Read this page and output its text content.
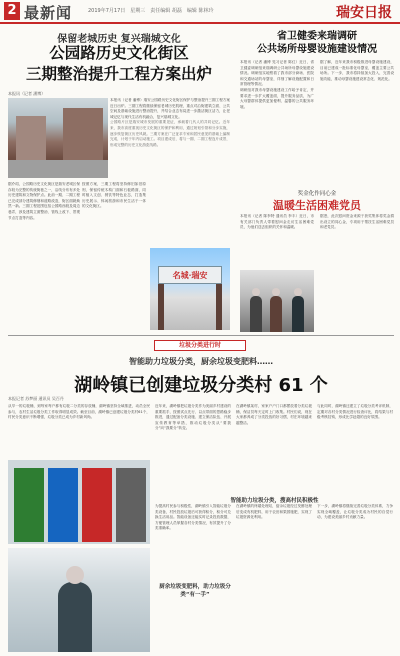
2 最新闻	2019年7月17日 星期三 责任编辑 胡磊 编辑 陈林玲	瑞安日报
保留老城历史 复兴瑞城文化
公园路历史文化街区
三期整治提升工程方案出炉
本报讯（记者 潘博）

本报讯（记者 潘博）瑞安公园路历史文化街区保护与整治提升三期工程方案近日出炉。三期工程将继续保留老城历史肌理，重点对沿街建筑立面、公共空间及基础设施进行整治提升，并结合业态布局进一步激活街区活力，让老城记忆与现代生活有机融合，复兴瑞城文化。

公园路片区是瑞安城市发展的重要见证，承载着几代人的共同记忆。近年来，我市高度重视历史文化街区的保护和利用，通过规划引领和分步实施，逐步恢复街区历史风貌。三期方案在广泛征求专家和居民意见的基础上编制完成，计划于年内启动施工。项目建成后，将与一期、二期工程连片成景，形成完整的历史文化游览线路。

据介绍，公园路历史文化街区是瑞安老城区保存较为完整的传统街巷之一，沿线分布有多处历史建筑和文物保护点。此前一期、二期工程已完成部分建筑修缮和道路改造，街区面貌焕然一新。三期工程范围包括公园路西段及周边巷弄，涉及建筑立面整治、管线上改下、景观节点打造等内容。

按照方案，三期工程将坚持修旧如旧原则，保留传统木构门面和石板路面，同时植入文创、餐饮等特色业态，打造集历史展示、休闲旅游和市民生活于一体的文化街区。

名城·瑞安
省卫健委来瑞调研
公共场所母婴设施建设情况

本报讯（记者 潘博 见习记者 陈红）近日，省卫健委调研组来瑞调研公共场所母婴设施建设情况。调研组实地察看了我市部分商场、医院和交通场站的母婴室，详细了解设施配置和日常管理等情况。

调研组对我市母婴设施建设工作给予肯定，并要求进一步扩大覆盖面，提升服务品质，为广大母婴群体提供更加便利、温馨的公共服务环境。

据了解，近年来我市积极推进母婴设施建设，目前已建成一批标准化母婴室，覆盖主要公共场所。下一步，我市将持续加大投入，完善设施功能，推动母婴设施建设常态化、规范化。

奖金化作同心金
温暖生活困难党员

本报讯（记者 陈李特 通讯员 李丰）近日，市有关部门负责人带着慰问金走访生活困难党员，为他们送去组织的关怀和温暖。

据悉，此次慰问资金来源于获奖集体将奖金捐出设立的同心金，专项用于帮扶生活困难党员和老党员。

垃圾分类进行时
智能助力垃圾分类，厨余垃圾变肥料……
湖岭镇已创建垃圾分类村 61 个
本报记者 苏梦丽 通讯员 吴百丹

从早一的垃圾桶，到每家每户都有垃圾二分类的存放桶，湖岭镇坚持全域推进，动员全民参与，农村生活垃圾分类工作取得明显成效。截至目前，湖岭镇已创建垃圾分类村61个，村民分类意识不断增强，垃圾分类已成为乡村新风尚。

近年来，湖岭镇把垃圾分类作为美丽乡村建设的重要抓手，按照试点先行、以点带面的思路稳步推进，通过配备分类设施、建立保洁队伍、开展宣传教育等举措，推动垃圾分类从“要我分”向“我要分”转变。

在湖岭镇某村，家家户户门口都摆放着分类垃圾桶，保洁员每天定时上门收集。村民们说，现在大家都养成了分类投放的好习惯，村庄环境越来越整洁。

与此同时，湖岭镇还建立了垃圾分类考评机制，定期对各村分类情况进行检查评比，将结果与村级考核挂钩，形成比学赶超的良好氛围。

智能助力垃圾分类，搜高村民积极性

为提高村民参与积极性，湖岭镇引入智能垃圾分类设备，村民投放垃圾后可获得积分，积分可兑换生活用品。智能设备还能实时记录投放数据，方便管理人员掌握各村分类情况，有效提升了分类准确率。

在湖岭镇的终端处理站，厨余垃圾经过发酵处理后变成有机肥料，用于农田和果园施肥，实现了垃圾资源化利用。

下一步，湖岭镇将继续完善垃圾分类体系，力争实现全域覆盖，让垃圾分类成为村民的自觉行动，为建设美丽乡村贡献力量。

厨余垃圾变肥料，助力垃圾分类“有一手”
